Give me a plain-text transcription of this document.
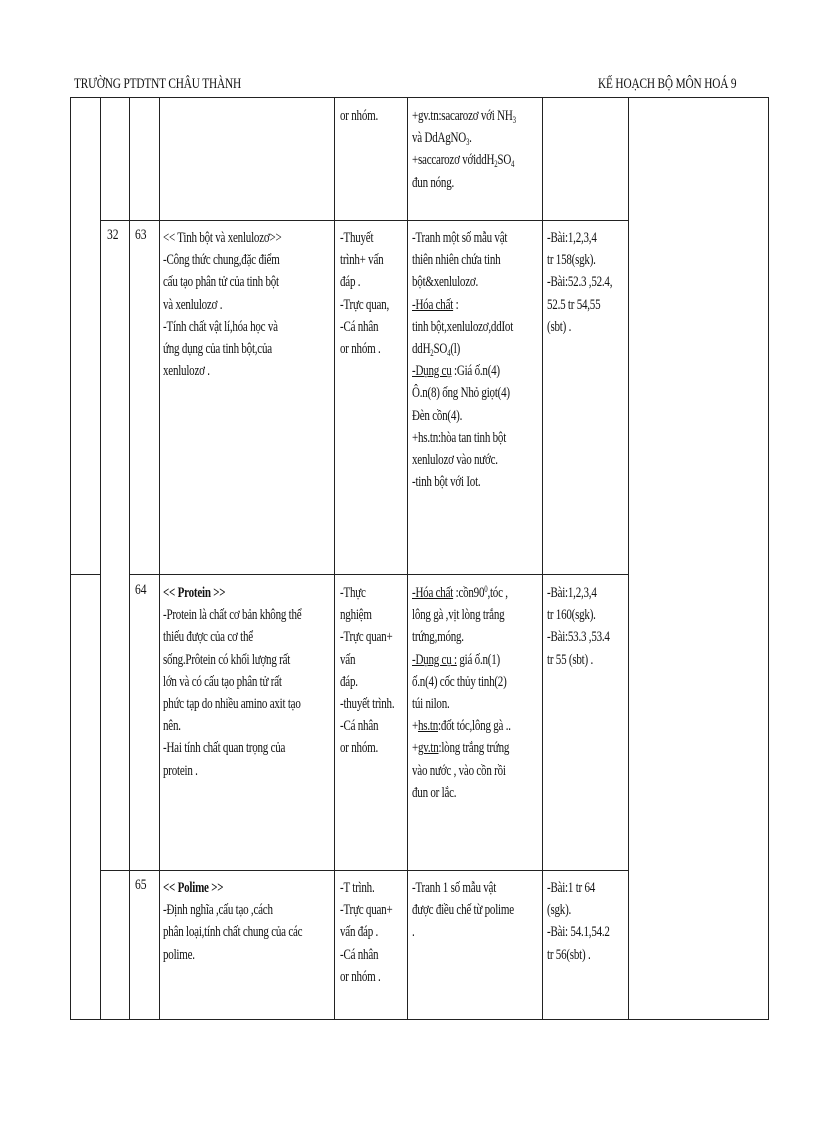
TRƯỜNG PTDTNT CHÂU THÀNH	KẾ HOẠCH BỘ MÔN HOÁ 9

or nhóm. +gv.tn:sacarozơ với $NH_3$

và DdAgNO$_3$.

+saccarozơ $vớiddH_2SO_4$

đun nóng.

32 63 << Tinh bột và xenlulozơ>>

-Công thức chung,đặc điểm

cấu tạo phân tử của tinh bột

và xenlulozơ .

-Tính chất vật lí,hóa học và

ứng dụng của tinh bột,của

xenlulozơ .

-Thuyết

trình+ vấn

đáp .

-Trực quan,

-Cá nhân

or nhóm .

-Tranh một số mẫu vật

thiên nhiên chứa tinh

bột&xenlulozơ.

-Hóa chất :

tinh bột,xenlulozơ,ddIot

$ddH_2SO_4(l)$

-Dụng cụ :Giá ố.n(4)

Ô.n(8) ống Nhỏ giọt(4)

Đèn cồn(4).

+hs.tn:hòa tan tinh bột

xenlulozơ vào nước.

-tinh bột với Iot.

-Bài:1,2,3,4

tr 158(sgk).

-Bài:52.3 ,52.4,

52.5 tr 54,55

(sbt) .

64 << Protein >>

-Protein là chất cơ bản không thể

thiếu được của cơ thể

sống.Prôtein có khối lượng rất

lớn và có cấu tạo phân tử rất

phức tạp do nhiều amino axit tạo

nên.

-Hai tính chất quan trọng của

protein .

-Thực

nghiệm

-Trực quan+

vấn

đáp.

-thuyết trình.

-Cá nhân

or nhóm.

-Hóa chất $:cồn90^0,tóc$ ,

lông gà ,vịt lòng trắng

trứng,móng.

-Dụng cụ : giá ố.n(1)

ố.n(4) cốc thủy tinh(2)

túi nilon.

+hs.tn:đốt tóc,lông gà ..

+gv.tn:lòng trắng trứng

vào nước , vào cồn rồi

đun or lắc.

-Bài:1,2,3,4

tr 160(sgk).

-Bài:53.3 ,53.4

tr 55 (sbt) .

65 << Polime >>

-Định nghĩa ,cấu tạo ,cách

phân loại,tính chất chung của các

polime.

-T trình.

-Trực quan+

vấn đáp .

-Cá nhân

or nhóm .

-Tranh 1 số mẫu vật

được điều chế từ polime

.

-Bài:1 tr 64

(sgk).

-Bài: 54.1,54.2

tr 56(sbt) .
